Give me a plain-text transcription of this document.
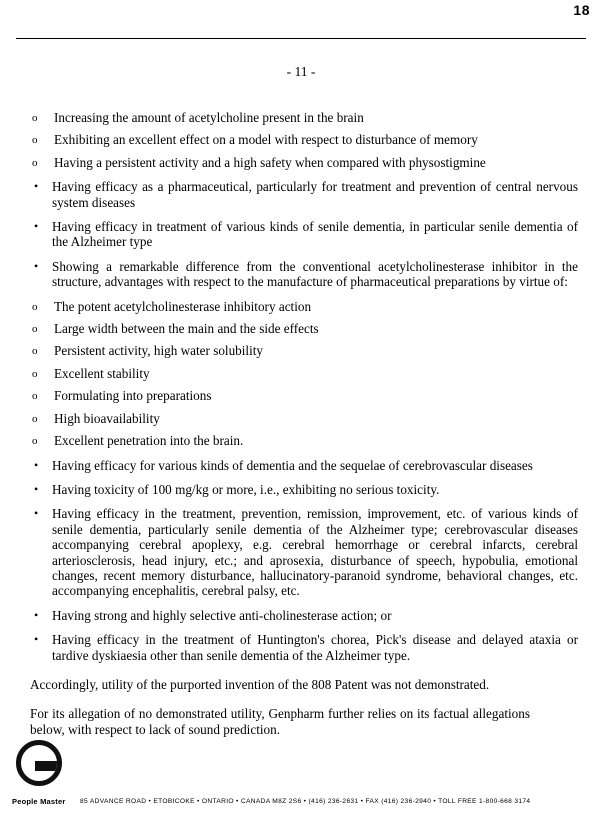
18
- 11 -
o Increasing the amount of acetylcholine present in the brain
o Exhibiting an excellent effect on a model with respect to disturbance of memory
o Having a persistent activity and a high safety when compared with physostigmine
• Having efficacy as a pharmaceutical, particularly for treatment and prevention of central nervous system diseases
• Having efficacy in treatment of various kinds of senile dementia, in particular senile dementia of the Alzheimer type
• Showing a remarkable difference from the conventional acetylcholinesterase inhibitor in the structure, advantages with respect to the manufacture of pharmaceutical preparations by virtue of:
o The potent acetylcholinesterase inhibitory action
o Large width between the main and the side effects
o Persistent activity, high water solubility
o Excellent stability
o Formulating into preparations
o High bioavailability
o Excellent penetration into the brain.
• Having efficacy for various kinds of dementia and the sequelae of cerebrovascular diseases
• Having toxicity of 100 mg/kg or more, i.e., exhibiting no serious toxicity.
• Having efficacy in the treatment, prevention, remission, improvement, etc. of various kinds of senile dementia, particularly senile dementia of the Alzheimer type; cerebrovascular diseases accompanying cerebral apoplexy, e.g. cerebral hemorrhage or cerebral infarcts, cerebral arteriosclerosis, head injury, etc.; and aprosexia, disturbance of speech, hypobulia, emotional changes, recent memory disturbance, hallucinatory-paranoid syndrome, behavioral changes, etc. accompanying encephalitis, cerebral palsy, etc.
• Having strong and highly selective anti-cholinesterase action; or
• Having efficacy in the treatment of Huntington's chorea, Pick's disease and delayed ataxia or tardive dyskiaesia other than senile dementia of the Alzheimer type.

Accordingly, utility of the purported invention of the 808 Patent was not demonstrated.

For its allegation of no demonstrated utility, Genpharm further relies on its factual allegations below, with respect to lack of sound prediction.

People Master 85 ADVANCE ROAD • ETOBICOKE • ONTARIO • CANADA M8Z 2S6 • (416) 236-2631 • FAX (416) 236-2940 • TOLL FREE 1-800-668 3174
